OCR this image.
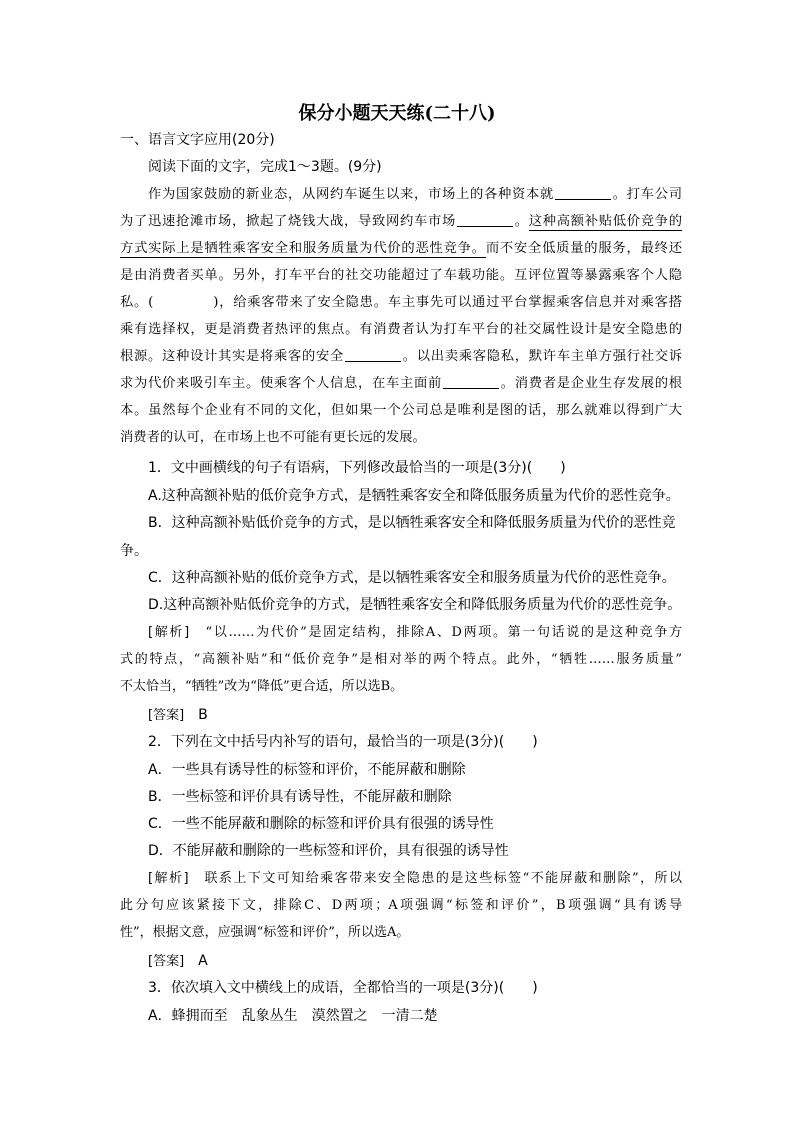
保分小题天天练(二十八)
一、语言文字应用(20分)
阅读下面的文字，完成1～3题。(9分)
作为国家鼓励的新业态，从网约车诞生以来，市场上的各种资本就	。打车公司
为了迅速抢滩市场，掀起了烧钱大战，导致网约车市场	。这种高额补贴低价竞争的
方式实际上是牺牲乘客安全和服务质量为代价的恶性竞争。而不安全低质量的服务，最终还
是由消费者买单。另外，打车平台的社交功能超过了车载功能。互评位置等暴露乘客个人隐
私。(	)，给乘客带来了安全隐患。车主事先可以通过平台掌握乘客信息并对乘客搭
乘有选择权，更是消费者热评的焦点。有消费者认为打车平台的社交属性设计是安全隐患的
根源。这种设计其实是将乘客的安全	。以出卖乘客隐私，默许车主单方强行社交诉
求为代价来吸引车主。使乘客个人信息，在车主面前	。消费者是企业生存发展的根
本。虽然每个企业有不同的文化，但如果一个公司总是唯利是图的话，那么就难以得到广大
消费者的认可，在市场上也不可能有更长远的发展。
1．文中画横线的句子有语病，下列修改最恰当的一项是(3分)(　　)
A.这种高额补贴的低价竞争方式，是牺牲乘客安全和降低服务质量为代价的恶性竞争。
B．这种高额补贴低价竞争的方式，是以牺牲乘客安全和降低服务质量为代价的恶性竞
争。
C．这种高额补贴的低价竞争方式，是以牺牲乘客安全和服务质量为代价的恶性竞争。
D.这种高额补贴低价竞争的方式，是牺牲乘客安全和降低服务质量为代价的恶性竞争。
[解析]　 “以……为代价”是固定结构，排除A、D两项。第一句话说的是这种竞争方
式的特点，“高额补贴”和“低价竞争”是相对举的两个特点。此外，“牺牲……服务质量”
不太恰当，“牺牲”改为“降低”更合适，所以选B。
[答案]　 B
2．下列在文中括号内补写的语句，最恰当的一项是(3分)(　　)
A．一些具有诱导性的标签和评价，不能屏蔽和删除
B．一些标签和评价具有诱导性，不能屏蔽和删除
C．一些不能屏蔽和删除的标签和评价具有很强的诱导性
D．不能屏蔽和删除的一些标签和评价，具有很强的诱导性
[解析]　 联系上下文可知给乘客带来安全隐患的是这些标签“不能屏蔽和删除”，所以
此分句应该紧接下文，排除C、D两项；A项强调“标签和评价”，B项强调“具有诱导
性”，根据文意，应强调“标签和评价”，所以选A。
[答案]　 A
3．依次填入文中横线上的成语，全都恰当的一项是(3分)(　　)
A．蜂拥而至　乱象丛生　漠然置之　一清二楚
